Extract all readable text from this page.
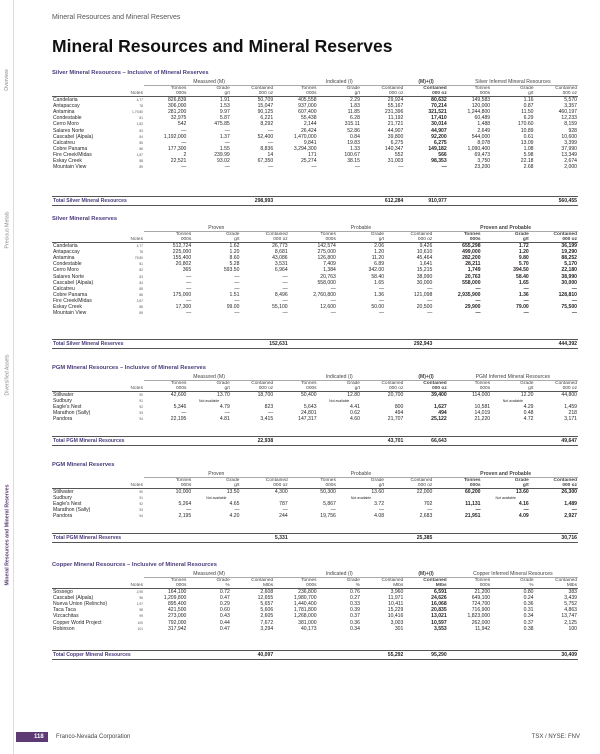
Overview
Precious Metals
Diversified Assets
Mineral Resources and Mineral Reserves
Mineral Resources and Mineral Reserves
Mineral Resources and Mineral Reserves
Silver Mineral Resources – Inclusive of Mineral Reserves
		Measured (M)			Indicated (I)			(M)+(I)	Silver Inferred Mineral Resources		
		Tonnes	Grade	Contained	Tonnes	Grade	Contained	Contained	Tonnes	Grade	Contained
	Notes	000s	g/t	000 oz	000s	g/t	000 oz	000 oz	000s	g/t	000 oz
Candelaria	4,77	826,839	1.91	50,709	405,558	2.29	29,924	80,632	149,583	1.16	5,570
Antapaccay	78	306,000	1.53	15,047	937,000	1.83	55,167	70,214	120,000	0.87	3,357
Antamina	1,79,80	281,200	9.97	90,125	607,400	11.85	231,396	321,521	1,244,800	11.50	460,197
Condestable	81	32,975	5.87	6,221	55,438	6.28	11,192	17,410	60,489	6.29	12,233
Cerro Moro	1,82	542	475.85	8,292	2,144	315.11	21,721	30,014	1,488	170.60	8,159
Salares Norte	83	—	—	—	26,424	52.86	44,907	44,907	2,649	10.89	928
Cascabel (Alpala)	84	1,192,000	1.37	52,400	1,470,000	0.84	39,800	92,200	544,000	0.61	10,600
Calcatreu	85	—	—	—	9,841	19.83	6,275	6,275	8,078	13.09	3,399
Cobre Panama	86	177,300	1.55	8,836	3,294,300	1.33	140,347	149,182	1,090,400	1.08	37,990
Fire Creek/Midas	1,87	2	239.99	14	171	100.67	552	566	69,473	5.98	13,349
Eskay Creek	88	22,521	93.02	67,350	25,274	38.15	31,003	98,353	3,750	22.18	2,674
Mountain View	89	—	—	—	—	—	—	—	23,200	2.68	2,000
Total Silver Mineral Resources	298,993			612,284	910,977			560,455
Silver Mineral Reserves
		Proven			Probable			Proven and Probable		
		Tonnes	Grade	Contained	Tonnes	Grade	Contained	Tonnes	Grade	Contained
	Notes	000s	g/t	000 oz	000s	g/t	000 oz	000s	g/t	000 oz
Candelaria	4,77	512,724	1.62	26,773	142,574	2.06	9,426	655,298	1.72	36,199
Antapaccay	78	225,000	1.20	8,681	275,000	1.20	10,610	499,000	1.20	19,290
Antamina	79,80	155,400	8.60	43,086	126,800	11.20	45,464	282,200	9.80	88,252
Condestable	81	20,802	5.28	3,531	7,409	6.89	1,641	28,211	5.70	5,170
Cerro Moro	82	365	593.50	6,964	1,384	342.00	15,215	1,749	394.50	22,180
Salares Norte	83	—	—	—	20,763	58.40	38,990	20,763	58.40	38,990
Cascabel (Alpala)	84	—	—	—	558,000	1.65	30,000	558,000	1.65	30,000
Calcatreu	85	—	—	—	—	—	—	—	—	—
Cobre Panama	86	175,000	1.51	8,496	2,760,800	1.36	121,098	2,935,900	1.36	128,810
Fire Creek/Midas	2,87	—	—	—	—	—	—	—	—	—
Eskay Creek	88	17,300	99.00	55,100	12,600	50.00	20,500	29,900	79.00	75,500
Mountain View	89	—	—	—	—	—	—	—	—	—
Total Silver Mineral Reserves	152,631			292,943			444,392
PGM Mineral Resources – Inclusive of Mineral Reserves
		Measured (M)			Indicated (I)			(M)+(I)	PGM Inferred Mineral Resources		
		Tonnes	Grade	Contained	Tonnes	Grade	Contained	Contained	Tonnes	Grade	Contained
	Notes	000s	g/t	000 oz	000s	g/t	000 oz	000 oz	000s	g/t	000 oz
Stillwater	90	42,600	13.70	18,700	50,400	12.80	20,700	39,400	114,000	12.20	44,800
Sudbury	91	Not available			Not available				Not available		
Eagle's Nest	92	5,346	4.79	823	5,643	4.41	800	1,627	10,581	4.29	1,459
Marathon (Sally)	93	—	—	—	24,801	0.62	494	494	14,019	0.48	218
Pandora	94	22,195	4.81	3,415	147,317	4.60	21,707	25,122	21,220	4.72	3,171
Total PGM Mineral Resources	22,938			43,701	66,643			49,647
PGM Mineral Reserves
		Proven			Probable			Proven and Probable		
		Tonnes	Grade	Contained	Tonnes	Grade	Contained	Tonnes	Grade	Contained
	Notes	000s	g/t	000 oz	000s	g/t	000 oz	000s	g/t	000 oz
Stillwater	90	10,000	13.50	4,300	50,300	13.60	22,000	60,200	13.60	26,300
Sudbury	91	Not available			Not available			Not available		
Eagle's Nest	92	5,264	4.65	787	5,867	3.72	702	11,131	4.16	1,489
Marathon (Sally)	93	—	—	—	—	—	—	—	—	—
Pandora	94	2,195	4.20	244	19,756	4.08	2,683	21,951	4.09	2,927
Total PGM Mineral Reserves	5,331			25,385			30,716
Copper Mineral Resources – Inclusive of Mineral Resources
		Measured (M)			Indicated (I)			(M)+(I)	Copper Inferred Mineral Resources		
		Tonnes	Grade	Contained	Tonnes	Grade	Contained	Contained	Tonnes	Grade	Contained
	Notes	000s	%	Mlbs	000s	%	Mlbs	Mlbs	000s	%	Mlbs
Sossego	2,95	164,100	0.72	2,608	236,800	0.76	3,960	6,591	21,200	0.80	383
Cascabel (Alpala)	96	1,209,800	0.47	12,655	1,980,700	0.27	11,971	24,626	649,100	0.24	3,439
Nueva Union (Relincho)	1,97	895,400	0.29	5,657	1,440,400	0.33	10,411	16,068	724,700	0.36	5,752
Taca Taca	98	421,500	0.60	5,606	1,781,800	0.39	15,229	20,835	716,900	0.31	4,863
Vizcachitas	99	273,000	0.43	2,605	1,268,000	0.37	10,416	13,021	1,823,000	0.34	13,747
Copper World Project	100	792,000	0.44	7,672	381,000	0.36	3,003	10,597	262,000	0.37	2,125
Robinson	101	317,942	0.47	3,294	40,173	0.34	301	3,553	11,942	0.38	100
Total Copper Mineral Resources	40,097			55,292	95,290			30,409
118	Franco-Nevada Corporation	TSX / NYSE: FNV
